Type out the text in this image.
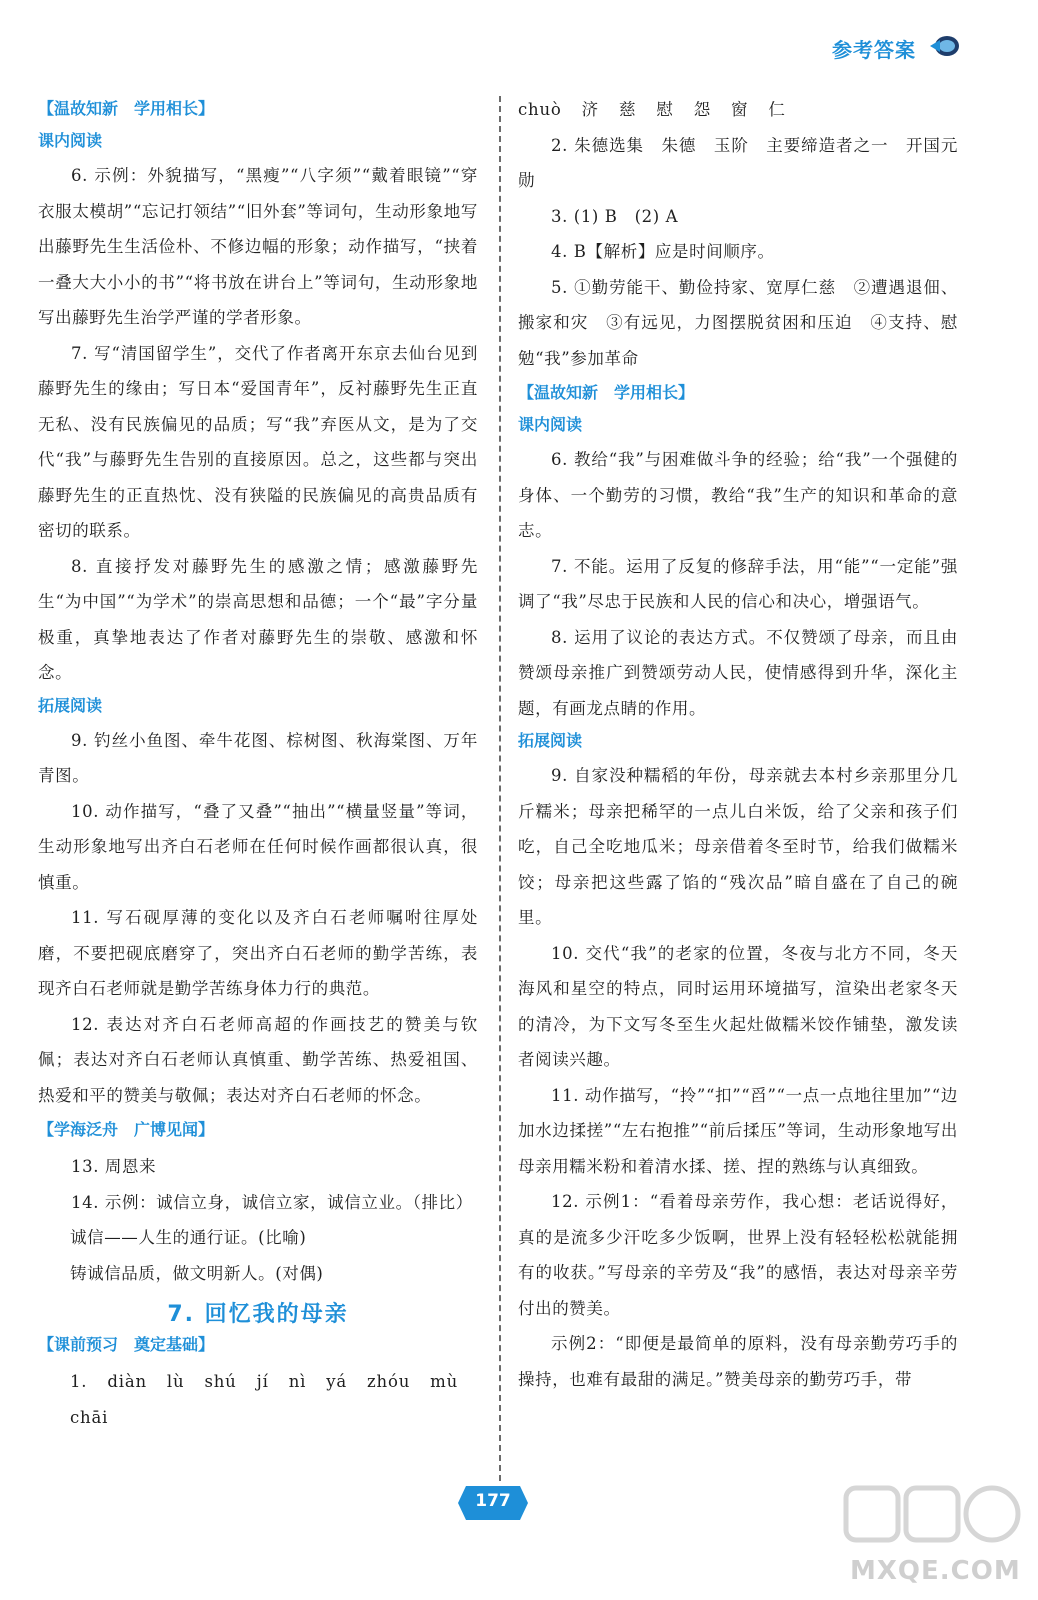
参考答案
【温故知新　学用相长】
课内阅读

6. 示例：外貌描写，“黑瘦”“八字须”“戴着眼镜”“穿衣服太模胡”“忘记打领结”“旧外套”等词句，生动形象地写出藤野先生生活俭朴、不修边幅的形象；动作描写，“挟着一叠大大小小的书”“将书放在讲台上”等词句，生动形象地写出藤野先生治学严谨的学者形象。

7. 写“清国留学生”，交代了作者离开东京去仙台见到藤野先生的缘由；写日本“爱国青年”，反衬藤野先生正直无私、没有民族偏见的品质；写“我”弃医从文，是为了交代“我”与藤野先生告别的直接原因。总之，这些都与突出藤野先生的正直热忱、没有狭隘的民族偏见的高贵品质有密切的联系。

8. 直接抒发对藤野先生的感激之情；感激藤野先生“为中国”“为学术”的崇高思想和品德；一个“最”字分量极重，真挚地表达了作者对藤野先生的崇敬、感激和怀念。

拓展阅读

9. 钓丝小鱼图、牵牛花图、棕树图、秋海棠图、万年青图。

10. 动作描写，“叠了又叠”“抽出”“横量竖量”等词，生动形象地写出齐白石老师在任何时候作画都很认真，很慎重。

11. 写石砚厚薄的变化以及齐白石老师嘱咐往厚处磨，不要把砚底磨穿了，突出齐白石老师的勤学苦练，表现齐白石老师就是勤学苦练身体力行的典范。

12. 表达对齐白石老师高超的作画技艺的赞美与钦佩；表达对齐白石老师认真慎重、勤学苦练、热爱祖国、热爱和平的赞美与敬佩；表达对齐白石老师的怀念。

【学海泛舟　广博见闻】

13. 周恩来

14. 示例：诚信立身，诚信立家，诚信立业。（排比）

诚信——人生的通行证。(比喻)

铸诚信品质，做文明新人。(对偶)

7. 回忆我的母亲
【课前预习　奠定基础】

1. diàn lù shú jí nì yá zhóu mù chāi

chuò 济 慈 慰 怨 窗 仁

2. 朱德选集　朱德　玉阶　主要缔造者之一　开国元勋

3. (1) B　(2) A

4. B【解析】应是时间顺序。

5. ①勤劳能干、勤俭持家、宽厚仁慈　②遭遇退佃、搬家和灾　③有远见，力图摆脱贫困和压迫　④支持、慰勉“我”参加革命

【温故知新　学用相长】
课内阅读

6. 教给“我”与困难做斗争的经验；给“我”一个强健的身体、一个勤劳的习惯，教给“我”生产的知识和革命的意志。

7. 不能。运用了反复的修辞手法，用“能”“一定能”强调了“我”尽忠于民族和人民的信心和决心，增强语气。

8. 运用了议论的表达方式。不仅赞颂了母亲，而且由赞颂母亲推广到赞颂劳动人民，使情感得到升华，深化主题，有画龙点睛的作用。

拓展阅读

9. 自家没种糯稻的年份，母亲就去本村乡亲那里分几斤糯米；母亲把稀罕的一点儿白米饭，给了父亲和孩子们吃，自己全吃地瓜米；母亲借着冬至时节，给我们做糯米饺；母亲把这些露了馅的“残次品”暗自盛在了自己的碗里。

10. 交代“我”的老家的位置，冬夜与北方不同，冬天海风和星空的特点，同时运用环境描写，渲染出老家冬天的清冷，为下文写冬至生火起灶做糯米饺作铺垫，激发读者阅读兴趣。

11. 动作描写，“拎”“扣”“舀”“一点一点地往里加”“边加水边揉搓”“左右抱推”“前后揉压”等词，生动形象地写出母亲用糯米粉和着清水揉、搓、捏的熟练与认真细致。

12. 示例1：“看着母亲劳作，我心想：老话说得好，真的是流多少汗吃多少饭啊，世界上没有轻轻松松就能拥有的收获。”写母亲的辛劳及“我”的感悟，表达对母亲辛劳付出的赞美。

示例2：“即便是最简单的原料，没有母亲勤劳巧手的操持，也难有最甜的满足。”赞美母亲的勤劳巧手，带

177
MXQE.COM
